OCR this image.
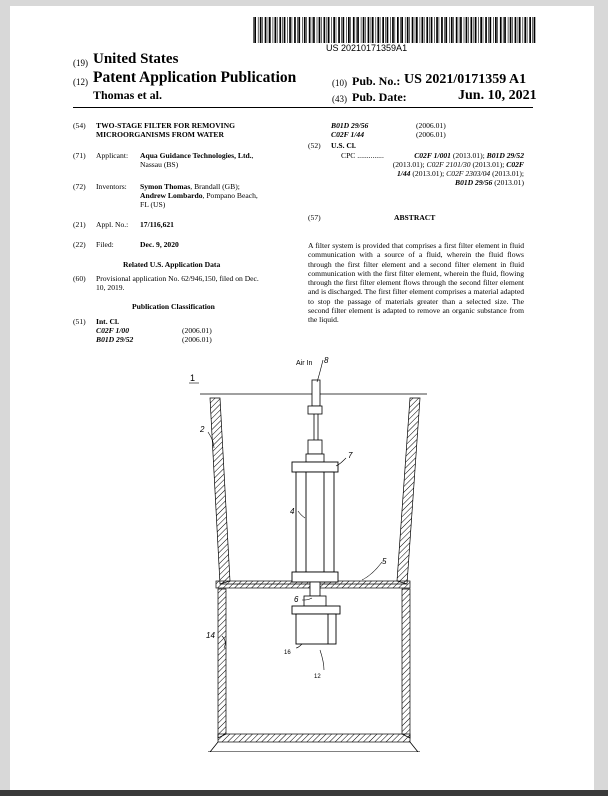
US 20210171359A1
(19) United States
(12) Patent Application Publication
Thomas et al.
(10) Pub. No.: US 2021/0171359 A1
(43) Pub. Date:	Jun. 10, 2021
(54) TWO-STAGE FILTER FOR REMOVING
MICROORGANISMS FROM WATER
(71) Applicant: Aqua Guidance Technologies, Ltd.,
Nassau (BS)
(72) Inventors: Symon Thomas, Brandall (GB);
Andrew Lombardo, Pompano Beach,
FL (US)
(21) Appl. No.: 17/116,621
(22) Filed:	Dec. 9, 2020
Related U.S. Application Data
(60) Provisional application No. 62/946,150, filed on Dec.
10, 2019.
Publication Classification
(51) Int. Cl.
C02F 1/00	(2006.01)
B01D 29/52	(2006.01)
B01D 29/56	(2006.01)
C02F 1/44	(2006.01)
(52) U.S. Cl.
CPC ..............	C02F 1/001 (2013.01); B01D 29/52
(2013.01); C02F 2101/30 (2013.01); C02F
1/44 (2013.01); C02F 2303/04 (2013.01);
B01D 29/56 (2013.01)
(57)	ABSTRACT
A filter system is provided that comprises a first filter element in fluid communication with a source of a fluid, wherein the fluid flows through the first filter element and a second filter element in fluid communication with the first filter element, wherein the fluid, flowing through the first filter element flows through the second filter element and is discharged. The first filter element comprises a material adapted to stop the passage of materials greater than a selected size. The second filter element is adapted to remove an organic substance from the liquid.
Air In
1
8
2
4
7
5
6
14
16
12
